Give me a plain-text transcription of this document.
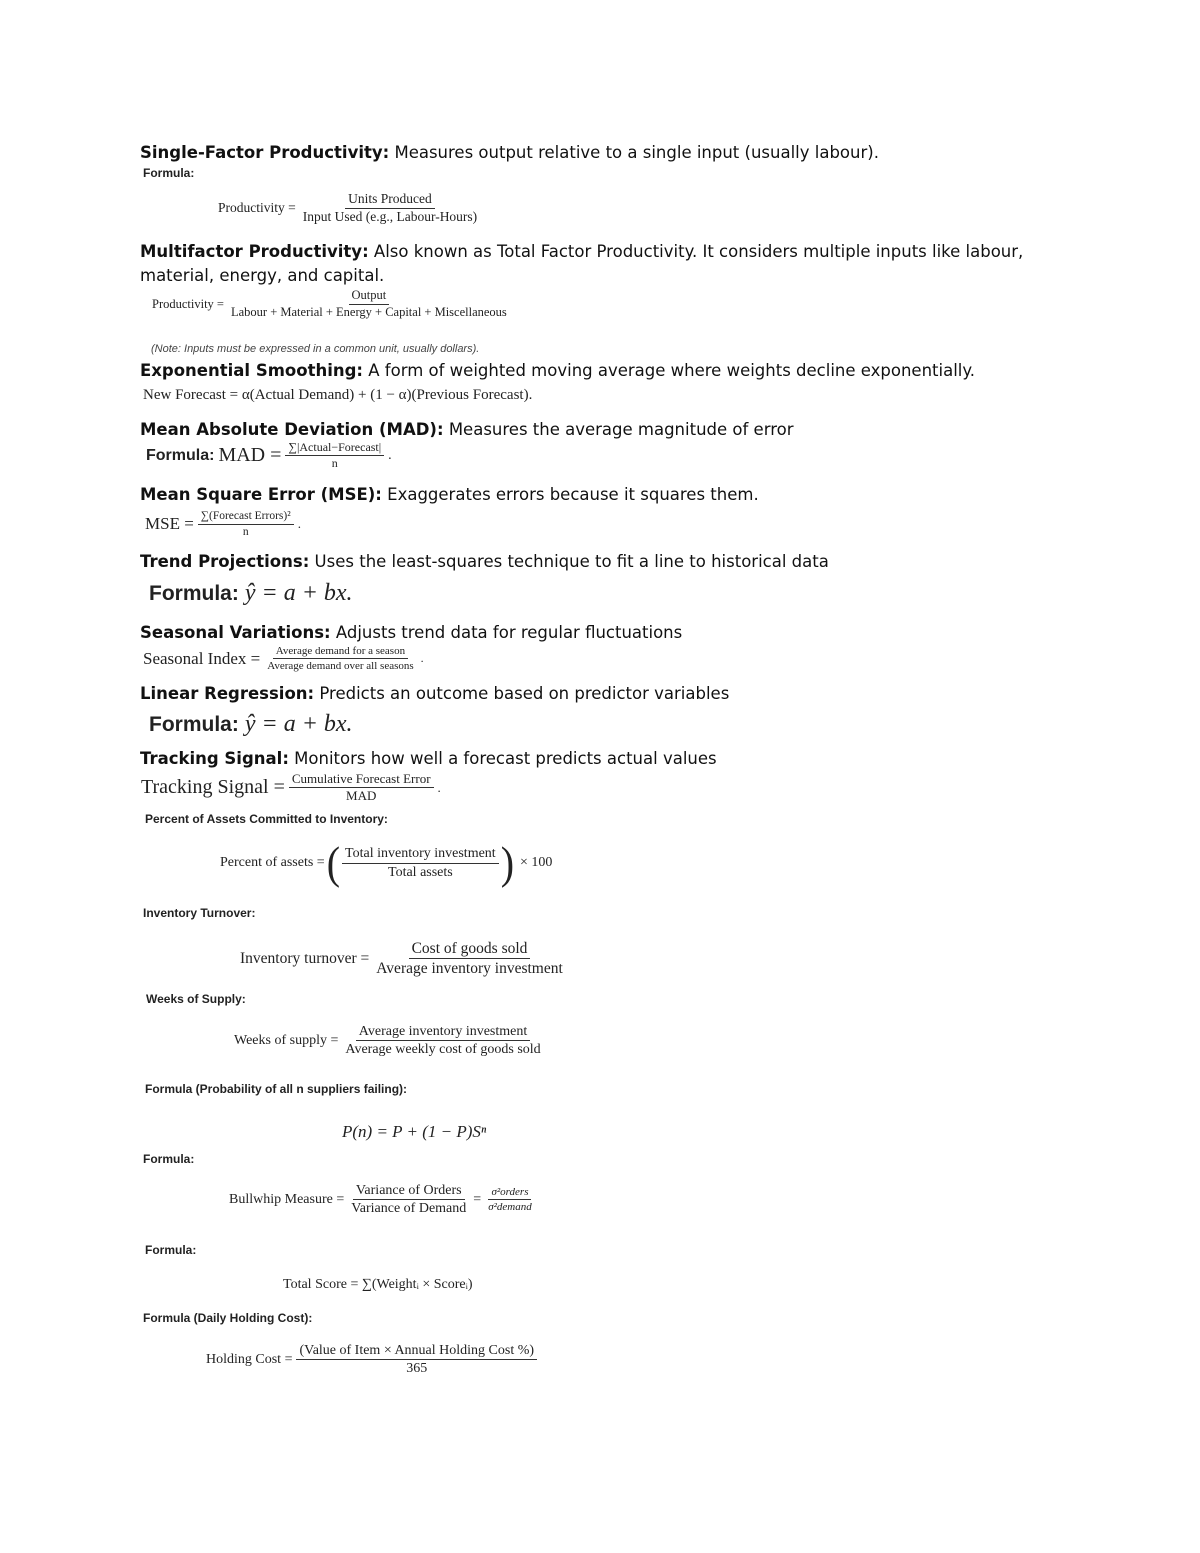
Single-Factor Productivity: Measures output relative to a single input (usually labour).
Formula:
Productivity = $\frac{\text{Units Produced}}{\text{Input Used (e.g., Labour-Hours)}}$
Multifactor Productivity: Also known as Total Factor Productivity. It considers multiple inputs like labour, material, energy, and capital.
Productivity = $\frac{\text{Output}}{\text{Labour + Material + Energy + Capital + Miscellaneous}}$
(Note: Inputs must be expressed in a common unit, usually dollars).
Exponential Smoothing: A form of weighted moving average where weights decline exponentially.
New Forecast = α(Actual Demand) + (1 − α)(Previous Forecast).
Mean Absolute Deviation (MAD): Measures the average magnitude of error
Formula: MAD = $\frac{\text{∑|Actual−Forecast|}}{n}$ .
Mean Square Error (MSE): Exaggerates errors because it squares them.
MSE = $\frac{\text{∑(Forecast Errors)²}}{n}$ .
Trend Projections: Uses the least-squares technique to fit a line to historical data
Formula: ŷ = a + bx.
Seasonal Variations: Adjusts trend data for regular fluctuations
Seasonal Index = $\frac{\text{Average demand for a season}}{\text{Average demand over all seasons}}$ .
Linear Regression: Predicts an outcome based on predictor variables
Formula: ŷ = a + bx.
Tracking Signal: Monitors how well a forecast predicts actual values
Tracking Signal = $\frac{\text{Cumulative Forecast Error}}{\text{MAD}}$ .
Percent of Assets Committed to Inventory:
Percent of assets = ( $\frac{\text{Total inventory investment}}{\text{Total assets}}$ ) × 100
Inventory Turnover:
Inventory turnover = $\frac{\text{Cost of goods sold}}{\text{Average inventory investment}}$
Weeks of Supply:
Weeks of supply = $\frac{\text{Average inventory investment}}{\text{Average weekly cost of goods sold}}$
Formula (Probability of all n suppliers failing):
P(n) = P + (1 − P)Sⁿ
Formula:
Bullwhip Measure = $\frac{\text{Variance of Orders}}{\text{Variance of Demand}} = \frac{\text{σ²orders}}{\text{σ²demand}}$
Formula:
Total Score = ∑(Weightᵢ × Scoreᵢ)
Formula (Daily Holding Cost):
Holding Cost = $\frac{\text{(Value of Item × Annual Holding Cost \%)}}{365}$
